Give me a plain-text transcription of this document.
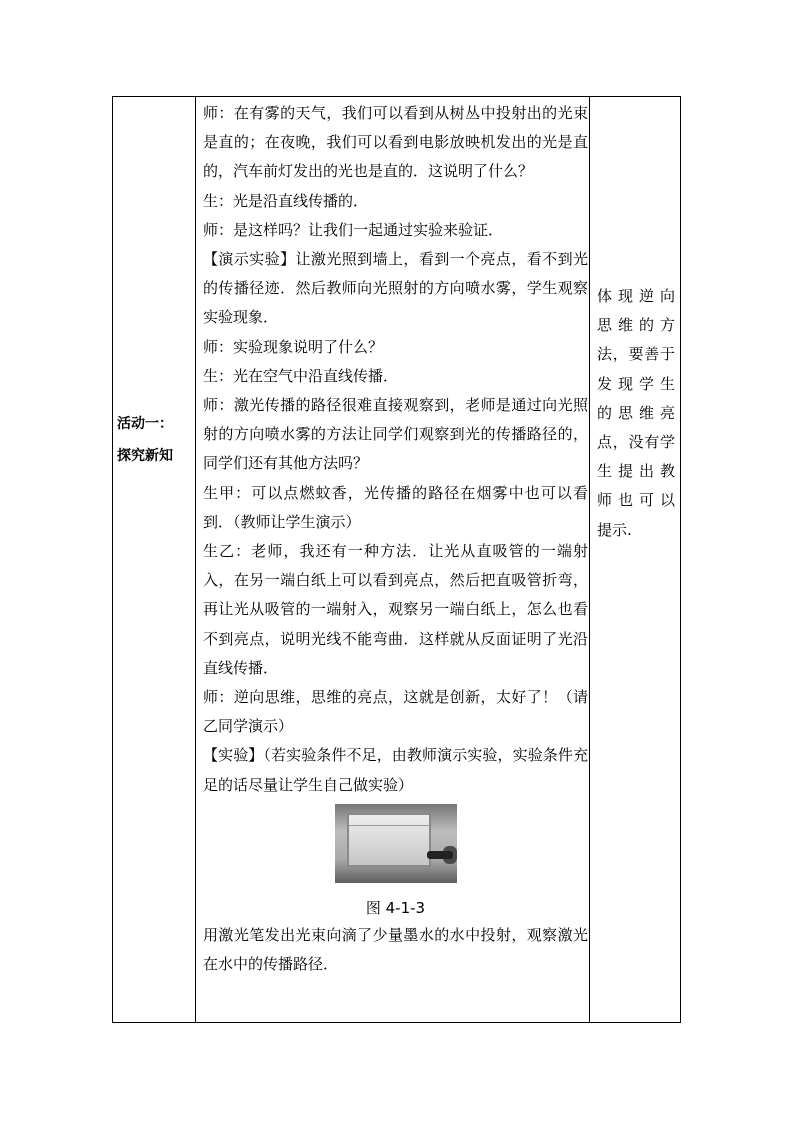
活动一：
探究新知

师：在有雾的天气，我们可以看到从树丛中投射出的光束是直的；在夜晚，我们可以看到电影放映机发出的光是直的，汽车前灯发出的光也是直的．这说明了什么？

生：光是沿直线传播的．

师：是这样吗？让我们一起通过实验来验证．

【演示实验】让激光照到墙上，看到一个亮点，看不到光的传播径迹．然后教师向光照射的方向喷水雾，学生观察实验现象．

师：实验现象说明了什么？

生：光在空气中沿直线传播．

师：激光传播的路径很难直接观察到，老师是通过向光照射的方向喷水雾的方法让同学们观察到光的传播路径的，同学们还有其他方法吗？

生甲：可以点燃蚊香，光传播的路径在烟雾中也可以看到．（教师让学生演示）

生乙：老师，我还有一种方法．让光从直吸管的一端射入，在另一端白纸上可以看到亮点，然后把直吸管折弯，再让光从吸管的一端射入，观察另一端白纸上，怎么也看不到亮点，说明光线不能弯曲．这样就从反面证明了光沿直线传播．

师：逆向思维，思维的亮点，这就是创新，太好了！（请乙同学演示）

【实验】（若实验条件不足，由教师演示实验，实验条件充足的话尽量让学生自己做实验）

图 4-1-3

用激光笔发出光束向滴了少量墨水的水中投射，观察激光在水中的传播路径．

体现逆向
思维的方
法，要善于
发现学生
的思维亮
点，没有学
生提出教
师也可以
提示.
